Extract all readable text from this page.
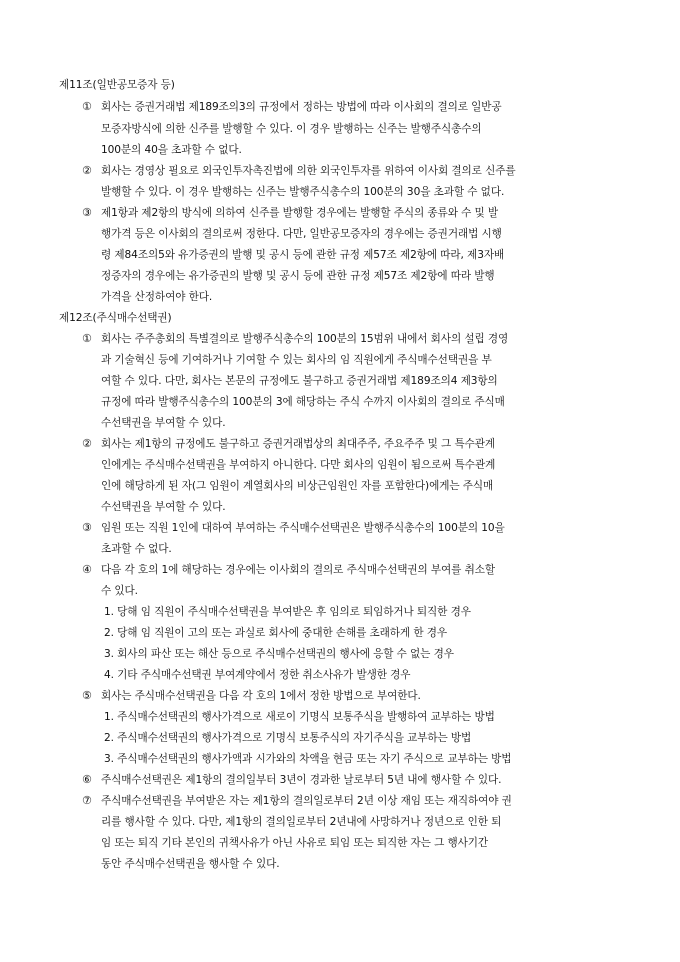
제11조(일반공모증자 등)
① 회사는 증권거래법 제189조의3의 규정에서 정하는 방법에 따라 이사회의 결의로 일반공
모증자방식에 의한 신주를 발행할 수 있다. 이 경우 발행하는 신주는 발행주식총수의
100분의 40을 초과할 수 없다.
② 회사는 경영상 필요로 외국인투자촉진법에 의한 외국인투자를 위하여 이사회 결의로 신주를
발행할 수 있다. 이 경우 발행하는 신주는 발행주식총수의 100분의 30을 초과할 수 없다.
③ 제1항과 제2항의 방식에 의하여 신주를 발행할 경우에는 발행할 주식의 종류와 수 및 발
행가격 등은 이사회의 결의로써 정한다. 다만, 일반공모증자의 경우에는 증권거래법 시행
령 제84조의5와 유가증권의 발행 및 공시 등에 관한 규정 제57조 제2항에 따라, 제3자배
정증자의 경우에는 유가증권의 발행 및 공시 등에 관한 규정 제57조 제2항에 따라 발행
가격을 산정하여야 한다.
제12조(주식매수선택권)
① 회사는 주주총회의 특별결의로 발행주식총수의 100분의 15범위 내에서 회사의 설립 경영
과 기술혁신 등에 기여하거나 기여할 수 있는 회사의 임 직원에게 주식매수선택권을 부
여할 수 있다. 다만, 회사는 본문의 규정에도 불구하고 증권거래법 제189조의4 제3항의
규정에 따라 발행주식총수의 100분의 3에 해당하는 주식 수까지 이사회의 결의로 주식매
수선택권을 부여할 수 있다.
② 회사는 제1항의 규정에도 불구하고 증권거래법상의 최대주주, 주요주주 및 그 특수관계
인에게는 주식매수선택권을 부여하지 아니한다. 다만 회사의 임원이 됨으로써 특수관계
인에 해당하게 된 자(그 임원이 계열회사의 비상근임원인 자를 포함한다)에게는 주식매
수선택권을 부여할 수 있다.
③ 임원 또는 직원 1인에 대하여 부여하는 주식매수선택권은 발행주식총수의 100분의 10을
초과할 수 없다.
④ 다음 각 호의 1에 해당하는 경우에는 이사회의 결의로 주식매수선택권의 부여를 취소할
수 있다.
1. 당해 임 직원이 주식매수선택권을 부여받은 후 임의로 퇴임하거나 퇴직한 경우
2. 당해 임 직원이 고의 또는 과실로 회사에 중대한 손해를 초래하게 한 경우
3. 회사의 파산 또는 해산 등으로 주식매수선택권의 행사에 응할 수 없는 경우
4. 기타 주식매수선택권 부여계약에서 정한 취소사유가 발생한 경우
⑤ 회사는 주식매수선택권을 다음 각 호의 1에서 정한 방법으로 부여한다.
1. 주식매수선택권의 행사가격으로 새로이 기명식 보통주식을 발행하여 교부하는 방법
2. 주식매수선택권의 행사가격으로 기명식 보통주식의 자기주식을 교부하는 방법
3. 주식매수선택권의 행사가액과 시가와의 차액을 현금 또는 자기 주식으로 교부하는 방법
⑥ 주식매수선택권은 제1항의 결의일부터 3년이 경과한 날로부터 5년 내에 행사할 수 있다.
⑦ 주식매수선택권을 부여받은 자는 제1항의 결의일로부터 2년 이상 재임 또는 재직하여야 권
리를 행사할 수 있다. 다만, 제1항의 결의일로부터 2년내에 사망하거나 정년으로 인한 퇴
임 또는 퇴직 기타 본인의 귀책사유가 아닌 사유로 퇴임 또는 퇴직한 자는 그 행사기간
동안 주식매수선택권을 행사할 수 있다.
